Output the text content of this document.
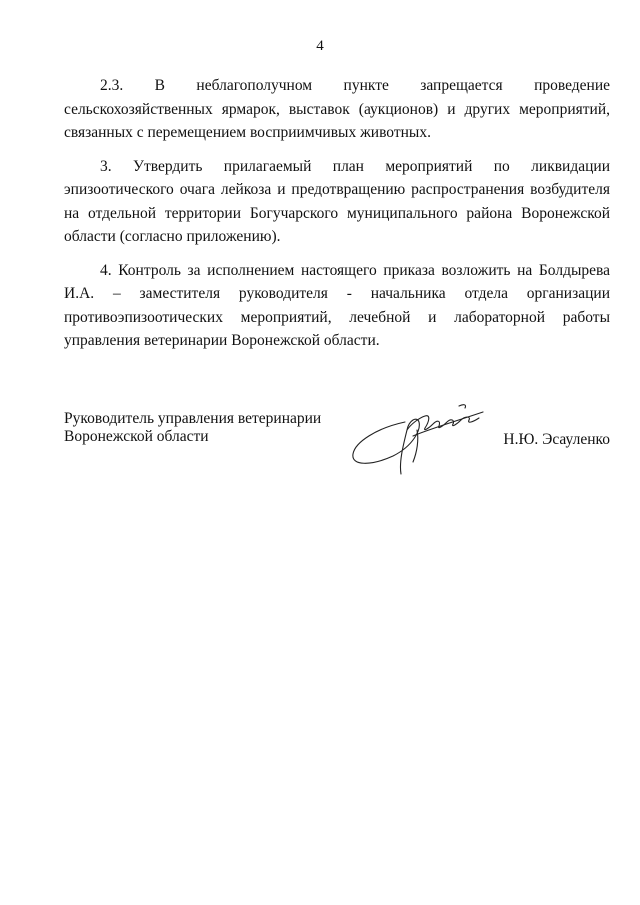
4

2.3. В неблагополучном пункте запрещается проведение сельскохозяйственных ярмарок, выставок (аукционов) и других мероприятий, связанных с перемещением восприимчивых животных.

3. Утвердить прилагаемый план мероприятий по ликвидации эпизоотического очага лейкоза и предотвращению распространения возбудителя на отдельной территории Богучарского муниципального района Воронежской области (согласно приложению).

4. Контроль за исполнением настоящего приказа возложить на Болдырева И.А. – заместителя руководителя - начальника отдела организации противоэпизоотических мероприятий, лечебной и лабораторной работы управления ветеринарии Воронежской области.

Руководитель управления ветеринарии
Воронежской области	Н.Ю. Эсауленко
